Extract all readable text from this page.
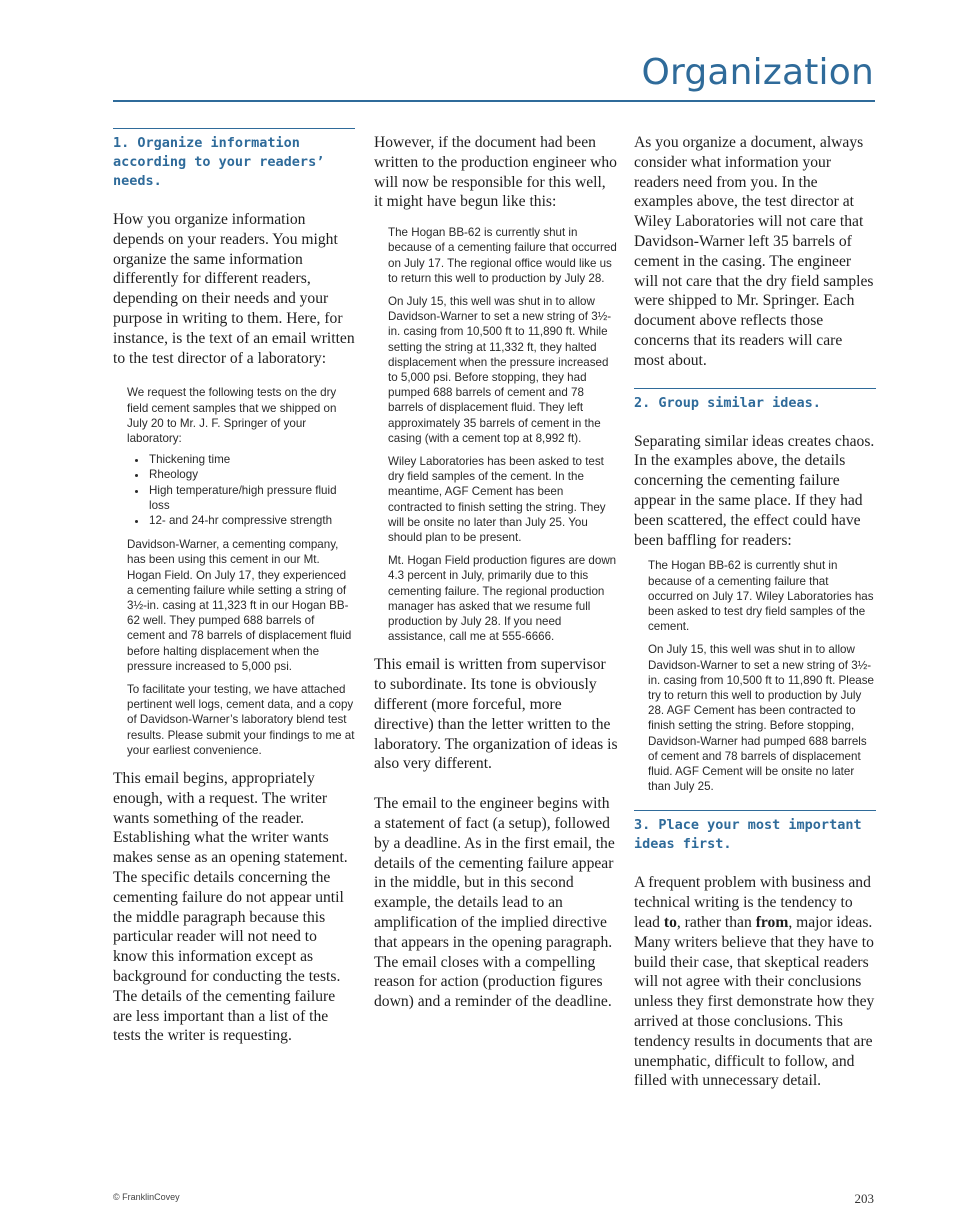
Organization
1. Organize information according to your readers’ needs.

How you organize information depends on your readers. You might organize the same information differently for different readers, depending on their needs and your purpose in writing to them. Here, for instance, is the text of an email written to the test director of a laboratory:

We request the following tests on the dry field cement samples that we shipped on July 20 to Mr. J. F. Springer of your laboratory:

• Thickening time
• Rheology
• High temperature/high pressure fluid loss
• 12- and 24-hr compressive strength

Davidson-Warner, a cementing company, has been using this cement in our Mt. Hogan Field. On July 17, they experienced a cementing failure while setting a string of 3½-in. casing at 11,323 ft in our Hogan BB-62 well. They pumped 688 barrels of cement and 78 barrels of displacement fluid before halting displacement when the pressure increased to 5,000 psi.

To facilitate your testing, we have attached pertinent well logs, cement data, and a copy of Davidson-Warner’s laboratory blend test results. Please submit your findings to me at your earliest convenience.

This email begins, appropriately enough, with a request. The writer wants something of the reader. Establishing what the writer wants makes sense as an opening statement. The specific details concerning the cementing failure do not appear until the middle paragraph because this particular reader will not need to know this information except as background for conducting the tests. The details of the cementing failure are less important than a list of the tests the writer is requesting.

However, if the document had been written to the production engineer who will now be responsible for this well, it might have begun like this:

The Hogan BB-62 is currently shut in because of a cementing failure that occurred on July 17. The regional office would like us to return this well to production by July 28.

On July 15, this well was shut in to allow Davidson-Warner to set a new string of 3½-in. casing from 10,500 ft to 11,890 ft. While setting the string at 11,332 ft, they halted displacement when the pressure increased to 5,000 psi. Before stopping, they had pumped 688 barrels of cement and 78 barrels of displacement fluid. They left approximately 35 barrels of cement in the casing (with a cement top at 8,992 ft).

Wiley Laboratories has been asked to test dry field samples of the cement. In the meantime, AGF Cement has been contracted to finish setting the string. They will be onsite no later than July 25. You should plan to be present.

Mt. Hogan Field production figures are down 4.3 percent in July, primarily due to this cementing failure. The regional production manager has asked that we resume full production by July 28. If you need assistance, call me at 555-6666.

This email is written from supervisor to subordinate. Its tone is obviously different (more forceful, more directive) than the letter written to the laboratory. The organization of ideas is also very different.

The email to the engineer begins with a statement of fact (a setup), followed by a deadline. As in the first email, the details of the cementing failure appear in the middle, but in this second example, the details lead to an amplification of the implied directive that appears in the opening paragraph. The email closes with a compelling reason for action (production figures down) and a reminder of the deadline.

As you organize a document, always consider what information your readers need from you. In the examples above, the test director at Wiley Laboratories will not care that Davidson-Warner left 35 barrels of cement in the casing. The engineer will not care that the dry field samples were shipped to Mr. Springer. Each document above reflects those concerns that its readers will care most about.

2. Group similar ideas.

Separating similar ideas creates chaos. In the examples above, the details concerning the cementing failure appear in the same place. If they had been scattered, the effect could have been baffling for readers:

The Hogan BB-62 is currently shut in because of a cementing failure that occurred on July 17. Wiley Laboratories has been asked to test dry field samples of the cement.

On July 15, this well was shut in to allow Davidson-Warner to set a new string of 3½-in. casing from 10,500 ft to 11,890 ft. Please try to return this well to production by July 28. AGF Cement has been contracted to finish setting the string. Before stopping, Davidson-Warner had pumped 688 barrels of cement and 78 barrels of displacement fluid. AGF Cement will be onsite no later than July 25.

3. Place your most important ideas first.

A frequent problem with business and technical writing is the tendency to lead to, rather than from, major ideas. Many writers believe that they have to build their case, that skeptical readers will not agree with their conclusions unless they first demonstrate how they arrived at those conclusions. This tendency results in documents that are unemphatic, difficult to follow, and filled with unnecessary detail.

© FranklinCovey	203
